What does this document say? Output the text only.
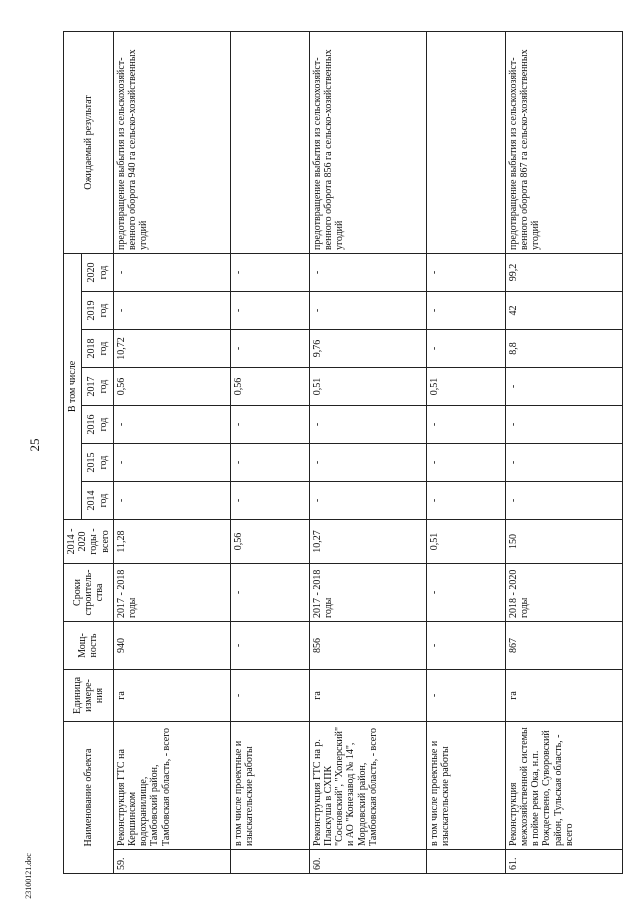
25
Наименование объекта		Единица измере-ния	Мощ-ность	Сроки строитель-ства	2014 - 2020 годы - всего	В том числе							Ожидаемый результат
						2014 год	2015 год	2016 год	2017 год	2018 год	2019 год	2020 год	
59.	Реконструкция ГТС на Кершинском водохранилище, Тамбовский район, Тамбовская область, - всего	га	940	2017 - 2018 годы	11,28	-	-	-	0,56	10,72	-	-	предотвращение выбытия из сельскохозяйст-венного оборота 940 га сельско-хозяйственных угодий
	в том числе проектные и изыскательские работы	-	-	-	0,56	-	-	-	0,56	-	-	-	
60.	Реконструкция ГТС на р. Пласкуша в СХПК "Сосновский", "Хоперский" и АО "Конезавод № 14", Мордовский район, Тамбовская область, - всего	га	856	2017 - 2018 годы	10,27	-	-	-	0,51	9,76	-	-	предотвращение выбытия из сельскохозяйст-венного оборота 856 га сельско-хозяйственных угодий
	в том числе проектные и изыскательские работы	-	-	-	0,51	-	-	-	0,51	-	-	-	
61.	Реконструкция межхозяйственной системы в пойме реки Ока, н.п. Рождествено, Суворовский район, Тульская область, - всего	га	867	2018 - 2020 годы	150	-	-	-	-	8,8	42	99,2	предотвращение выбытия из сельскохозяйст-венного оборота 867 га сельско-хозяйственных угодий
23100121.doc
